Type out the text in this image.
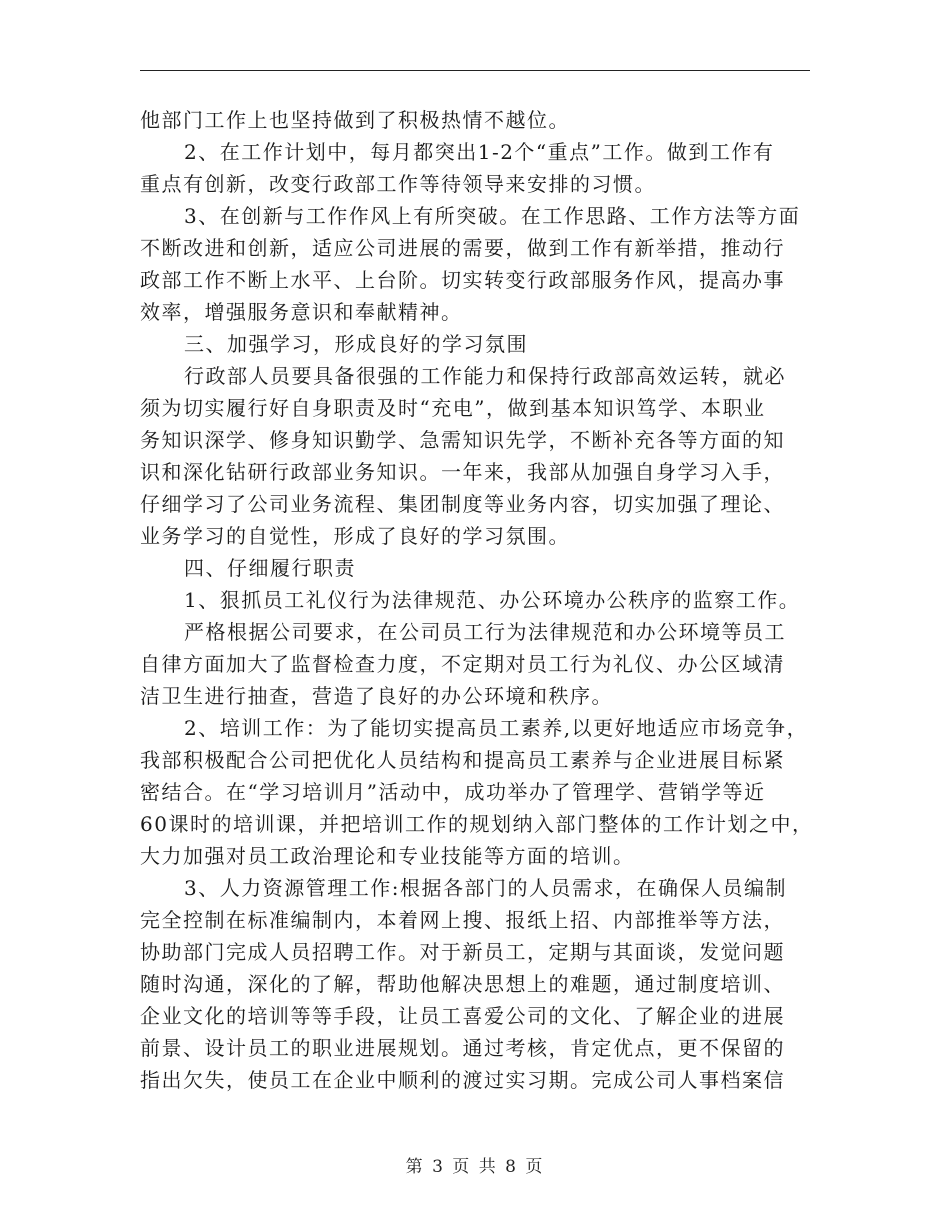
他部门工作上也坚持做到了积极热情不越位。

2、在工作计划中，每月都突出1-2个“重点”工作。做到工作有

重点有创新，改变行政部工作等待领导来安排的习惯。

3、在创新与工作作风上有所突破。在工作思路、工作方法等方面

不断改进和创新，适应公司进展的需要，做到工作有新举措，推动行

政部工作不断上水平、上台阶。切实转变行政部服务作风，提高办事

效率，增强服务意识和奉献精神。

三、加强学习，形成良好的学习氛围

行政部人员要具备很强的工作能力和保持行政部高效运转，就必

须为切实履行好自身职责及时“充电”，做到基本知识笃学、本职业

务知识深学、修身知识勤学、急需知识先学，不断补充各等方面的知

识和深化钻研行政部业务知识。一年来，我部从加强自身学习入手，

仔细学习了公司业务流程、集团制度等业务内容，切实加强了理论、

业务学习的自觉性，形成了良好的学习氛围。

四、仔细履行职责

1、狠抓员工礼仪行为法律规范、办公环境办公秩序的监察工作。

严格根据公司要求，在公司员工行为法律规范和办公环境等员工

自律方面加大了监督检查力度，不定期对员工行为礼仪、办公区域清

洁卫生进行抽查，营造了良好的办公环境和秩序。

2、培训工作：为了能切实提高员工素养,以更好地适应市场竞争，

我部积极配合公司把优化人员结构和提高员工素养与企业进展目标紧

密结合。在“学习培训月”活动中，成功举办了管理学、营销学等近

60课时的培训课，并把培训工作的规划纳入部门整体的工作计划之中，

大力加强对员工政治理论和专业技能等方面的培训。

3、人力资源管理工作:根据各部门的人员需求，在确保人员编制

完全控制在标准编制内，本着网上搜、报纸上招、内部推举等方法，

协助部门完成人员招聘工作。对于新员工，定期与其面谈，发觉问题

随时沟通，深化的了解，帮助他解决思想上的难题，通过制度培训、

企业文化的培训等等手段，让员工喜爱公司的文化、了解企业的进展

前景、设计员工的职业进展规划。通过考核，肯定优点，更不保留的

指出欠失，使员工在企业中顺利的渡过实习期。完成公司人事档案信

第 3 页 共 8 页
